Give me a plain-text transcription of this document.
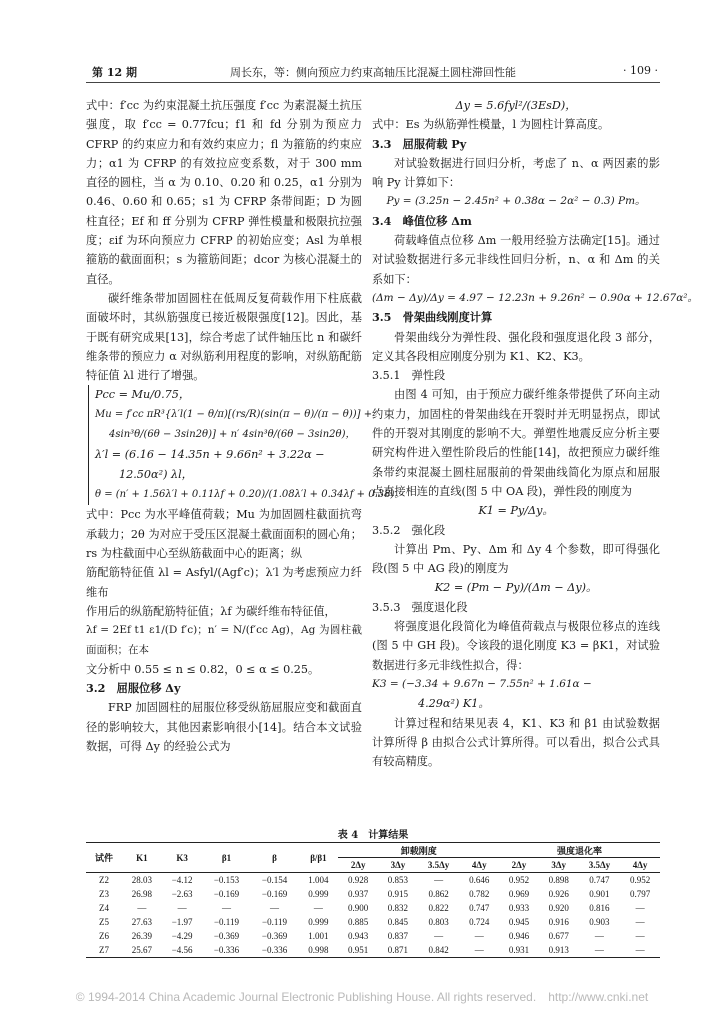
第 12 期	周长东，等：侧向预应力约束高轴压比混凝土圆柱滞回性能	· 109 ·

式中：f′cc 为约束混凝土抗压强度 f′cc 为素混凝土抗压强度，取 f′cc = 0.77fcu；f1 和 fd 分别为预应力 CFRP 的约束应力和有效约束应力；fl 为箍筋的约束应力；α1 为 CFRP 的有效拉应变系数，对于 300 mm 直径的圆柱，当 α 为 0.10、0.20 和 0.25，α1 分别为 0.46、0.60 和 0.65；s1 为 CFRP 条带间距；D 为圆柱直径；Ef 和 ff 分别为 CFRP 弹性模量和极限抗拉强度；εif 为环向预应力 CFRP 的初始应变；Asl 为单根箍筋的截面面积；s 为箍筋间距；dcor 为核心混凝土的直径。

碳纤维条带加固圆柱在低周反复荷载作用下柱底截面破坏时，其纵筋强度已接近极限强度[12]。因此，基于既有研究成果[13]，综合考虑了试件轴压比 n 和碳纤维条带的预应力 α 对纵筋利用程度的影响，对纵筋配筋特征值 λl 进行了增强。

Pcc = Mu/0.75，
Mu = f′cc πR³{λ′l(1 − θ/π)[(rs/R)(sin(π − θ)/(π − θ))] +
4sin³θ/(6θ − 3sin2θ)] + n′ 4sin³θ/(6θ − 3sin2θ)，
λ′l = (6.16 − 14.35n + 9.66n² + 3.22α −
12.50α²) λl，
θ = (n′ + 1.56λ′l + 0.11λf + 0.20)/(1.08λ′l + 0.34λf + 0.38)。

式中：Pcc 为水平峰值荷载；Mu 为加固圆柱截面抗弯承载力；2θ 为对应于受压区混凝土截面面积的圆心角；rs 为柱截面中心至纵筋截面中心的距离；纵

筋配筋特征值 λl = Asfyl/(Agf′c)；λ′l 为考虑预应力纤维布

作用后的纵筋配筋特征值；λf 为碳纤维布特征值，

λf = 2Ef t1 ε1/(D f′c)；n′ = N/(f′cc Ag)，Ag 为圆柱截面面积；在本

文分析中 0.55 ≤ n ≤ 0.82，0 ≤ α ≤ 0.25。

3.2　屈服位移 Δy

FRP 加固圆柱的屈服位移受纵筋屈服应变和截面直径的影响较大，其他因素影响很小[14]。结合本文试验数据，可得 Δy 的经验公式为

Δy = 5.6fyl²/(3EsD)，

式中：Es 为纵筋弹性模量，l 为圆柱计算高度。

3.3　屈服荷载 Py

对试验数据进行回归分析，考虑了 n、α 两因素的影响 Py 计算如下：

Py = (3.25n − 2.45n² + 0.38α − 2α² − 0.3) Pm。

3.4　峰值位移 Δm

荷载峰值点位移 Δm 一般用经验方法确定[15]。通过对试验数据进行多元非线性回归分析，n、α 和 Δm 的关系如下：

(Δm − Δy)/Δy = 4.97 − 12.23n + 9.26n² − 0.90α + 12.67α²。

3.5　骨架曲线刚度计算

骨架曲线分为弹性段、强化段和强度退化段 3 部分，定义其各段相应刚度分别为 K1、K2、K3。

3.5.1　弹性段

由图 4 可知，由于预应力碳纤维条带提供了环向主动约束力，加固柱的骨架曲线在开裂时并无明显拐点，即试件的开裂对其刚度的影响不大。弹塑性地震反应分析主要研究构件进入塑性阶段后的性能[14]，故把预应力碳纤维条带约束混凝土圆柱屈服前的骨架曲线简化为原点和屈服点直接相连的直线(图 5 中 OA 段)，弹性段的刚度为

K1 = Py/Δy。

3.5.2　强化段

计算出 Pm、Py、Δm 和 Δy 4 个参数，即可得强化段(图 5 中 AG 段)的刚度为

K2 = (Pm − Py)/(Δm − Δy)。

3.5.3　强度退化段

将强度退化段简化为峰值荷载点与极限位移点的连线(图 5 中 GH 段)。令该段的退化刚度 K3 = βK1，对试验数据进行多元非线性拟合，得：

K3 = (−3.34 + 9.67n − 7.55n² + 1.61α −

4.29α²) K1。

计算过程和结果见表 4，K1、K3 和 β1 由试验数据计算所得 β 由拟合公式计算所得。可以看出，拟合公式具有较高精度。

表 4　计算结果
试件	K1	K3	β1	β	β/β1	卸载刚度				强度退化率			
						2Δy	3Δy	3.5Δy	4Δy	2Δy	3Δy	3.5Δy	4Δy
Z2	28.03	−4.12	−0.153	−0.154	1.004	0.928	0.853	—	0.646	0.952	0.898	0.747	0.952
Z3	26.98	−2.63	−0.169	−0.169	0.999	0.937	0.915	0.862	0.782	0.969	0.926	0.901	0.797
Z4	—	—	—	—	—	0.900	0.832	0.822	0.747	0.933	0.920	0.816	—
Z5	27.63	−1.97	−0.119	−0.119	0.999	0.885	0.845	0.803	0.724	0.945	0.916	0.903	—
Z6	26.39	−4.29	−0.369	−0.369	1.001	0.943	0.837	—	—	0.946	0.677	—	—
Z7	25.67	−4.56	−0.336	−0.336	0.998	0.951	0.871	0.842	—	0.931	0.913	—	—
© 1994-2014 China Academic Journal Electronic Publishing House. All rights reserved.　http://www.cnki.net
